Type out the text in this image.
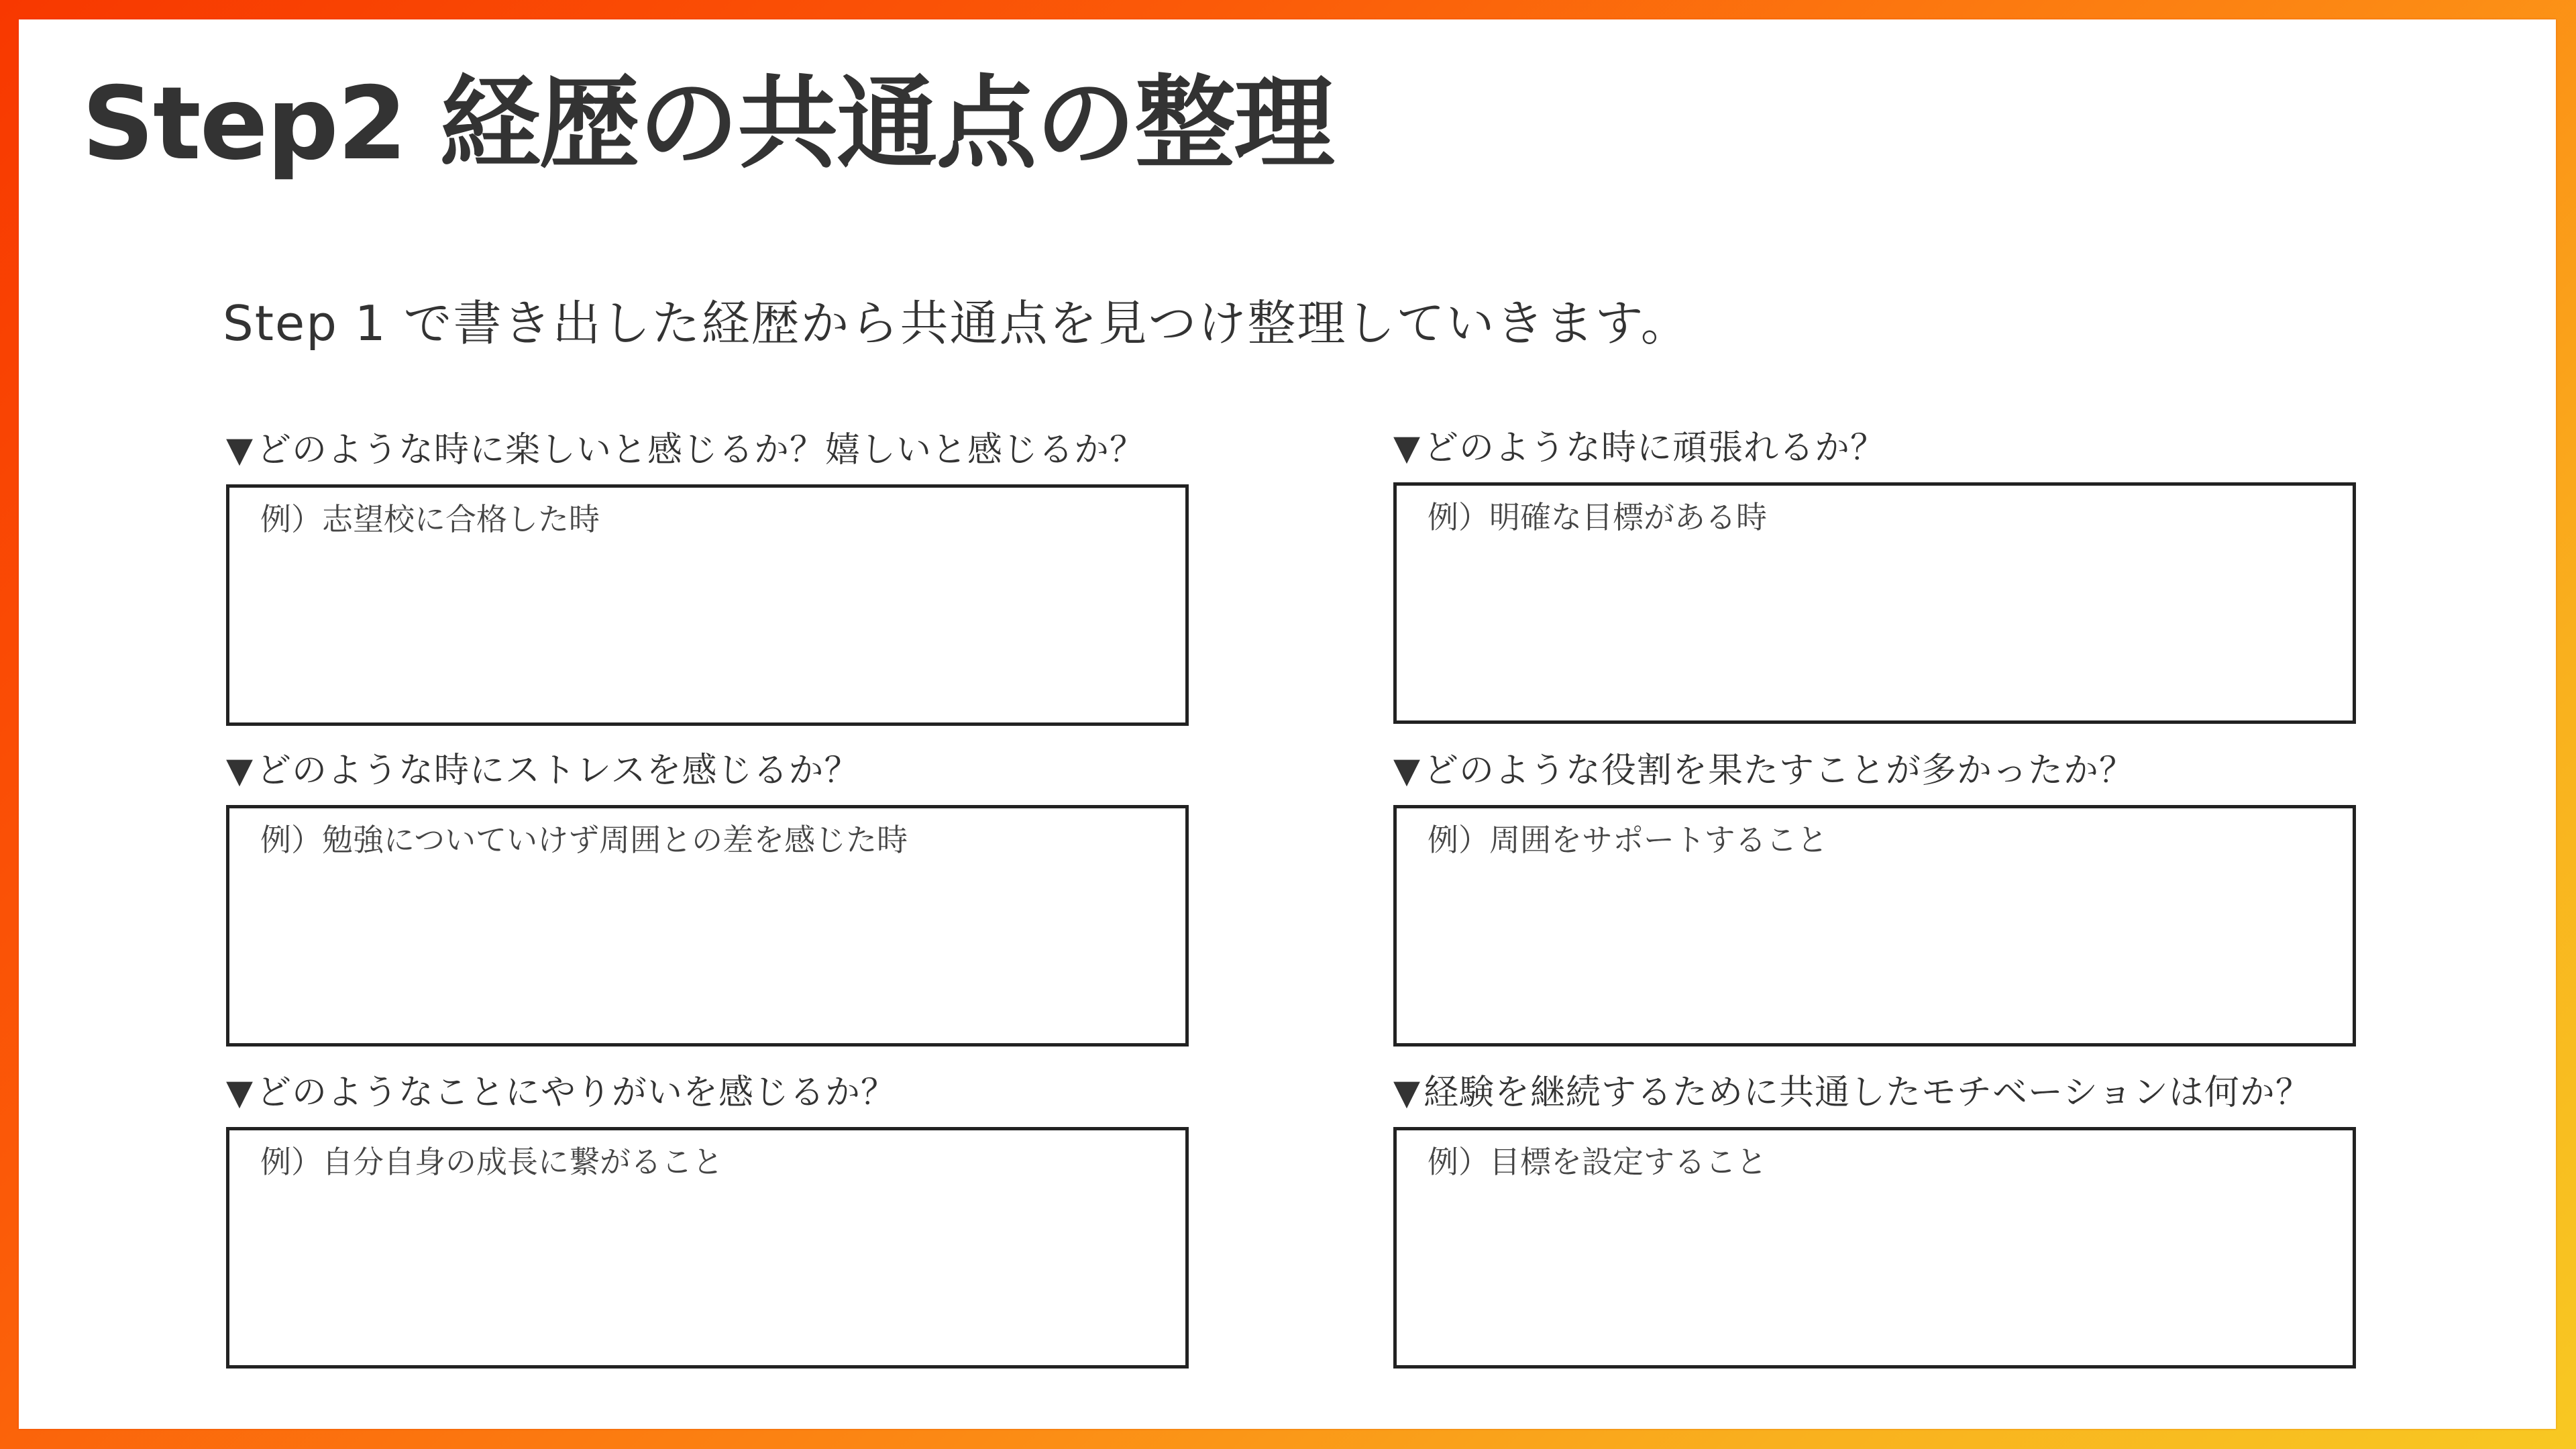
Step2 経歴の共通点の整理
Step 1 で書き出した経歴から共通点を見つけ整理していきます。
▼どのような時に楽しいと感じるか？嬉しいと感じるか？
例）志望校に合格した時
▼どのような時に頑張れるか？
例）明確な目標がある時
▼どのような時にストレスを感じるか？
例）勉強についていけず周囲との差を感じた時
▼どのような役割を果たすことが多かったか？
例）周囲をサポートすること
▼どのようなことにやりがいを感じるか？
例）自分自身の成長に繋がること
▼経験を継続するために共通したモチベーションは何か？
例）目標を設定すること
